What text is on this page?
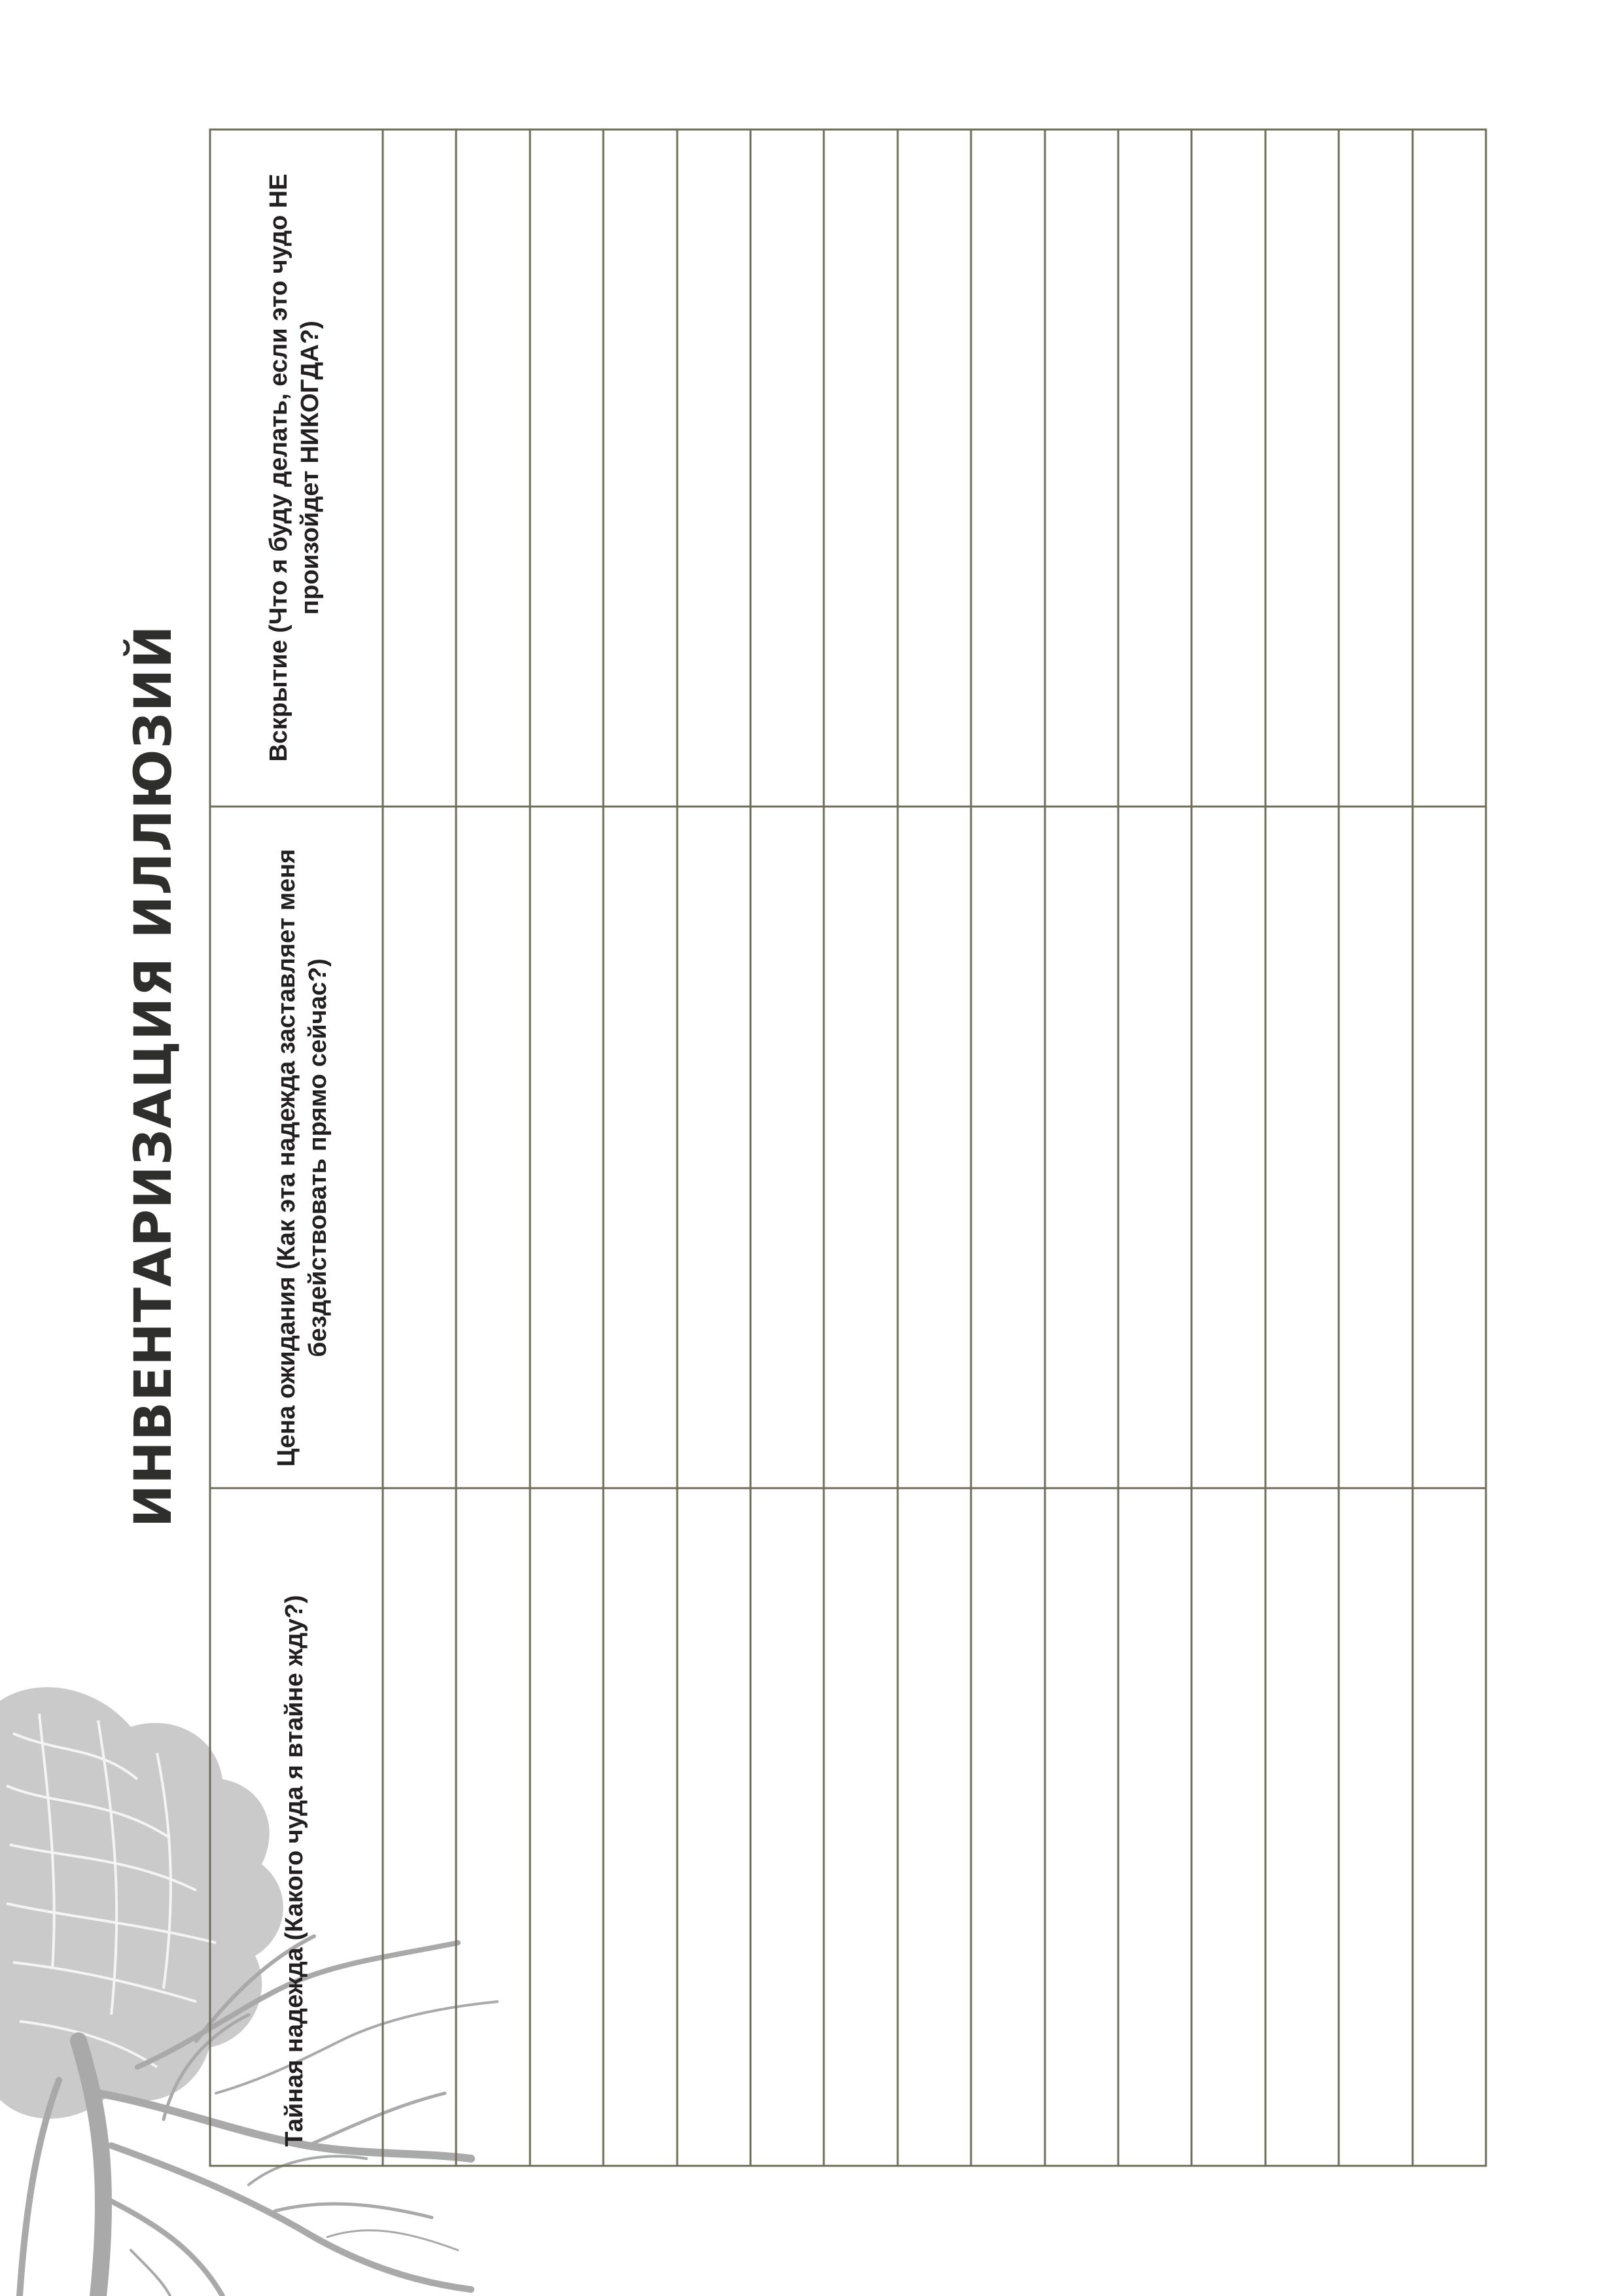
ИНВЕНТАРИЗАЦИЯ ИЛЛЮЗИЙ
Тайная надежда (Какого чуда я втайне жду?)
Цена ожидания (Как эта надежда заставляет меня бездействовать прямо сейчас?)
Вскрытие (Что я буду делать, если это чудо НЕ произойдет НИКОГДА?)
